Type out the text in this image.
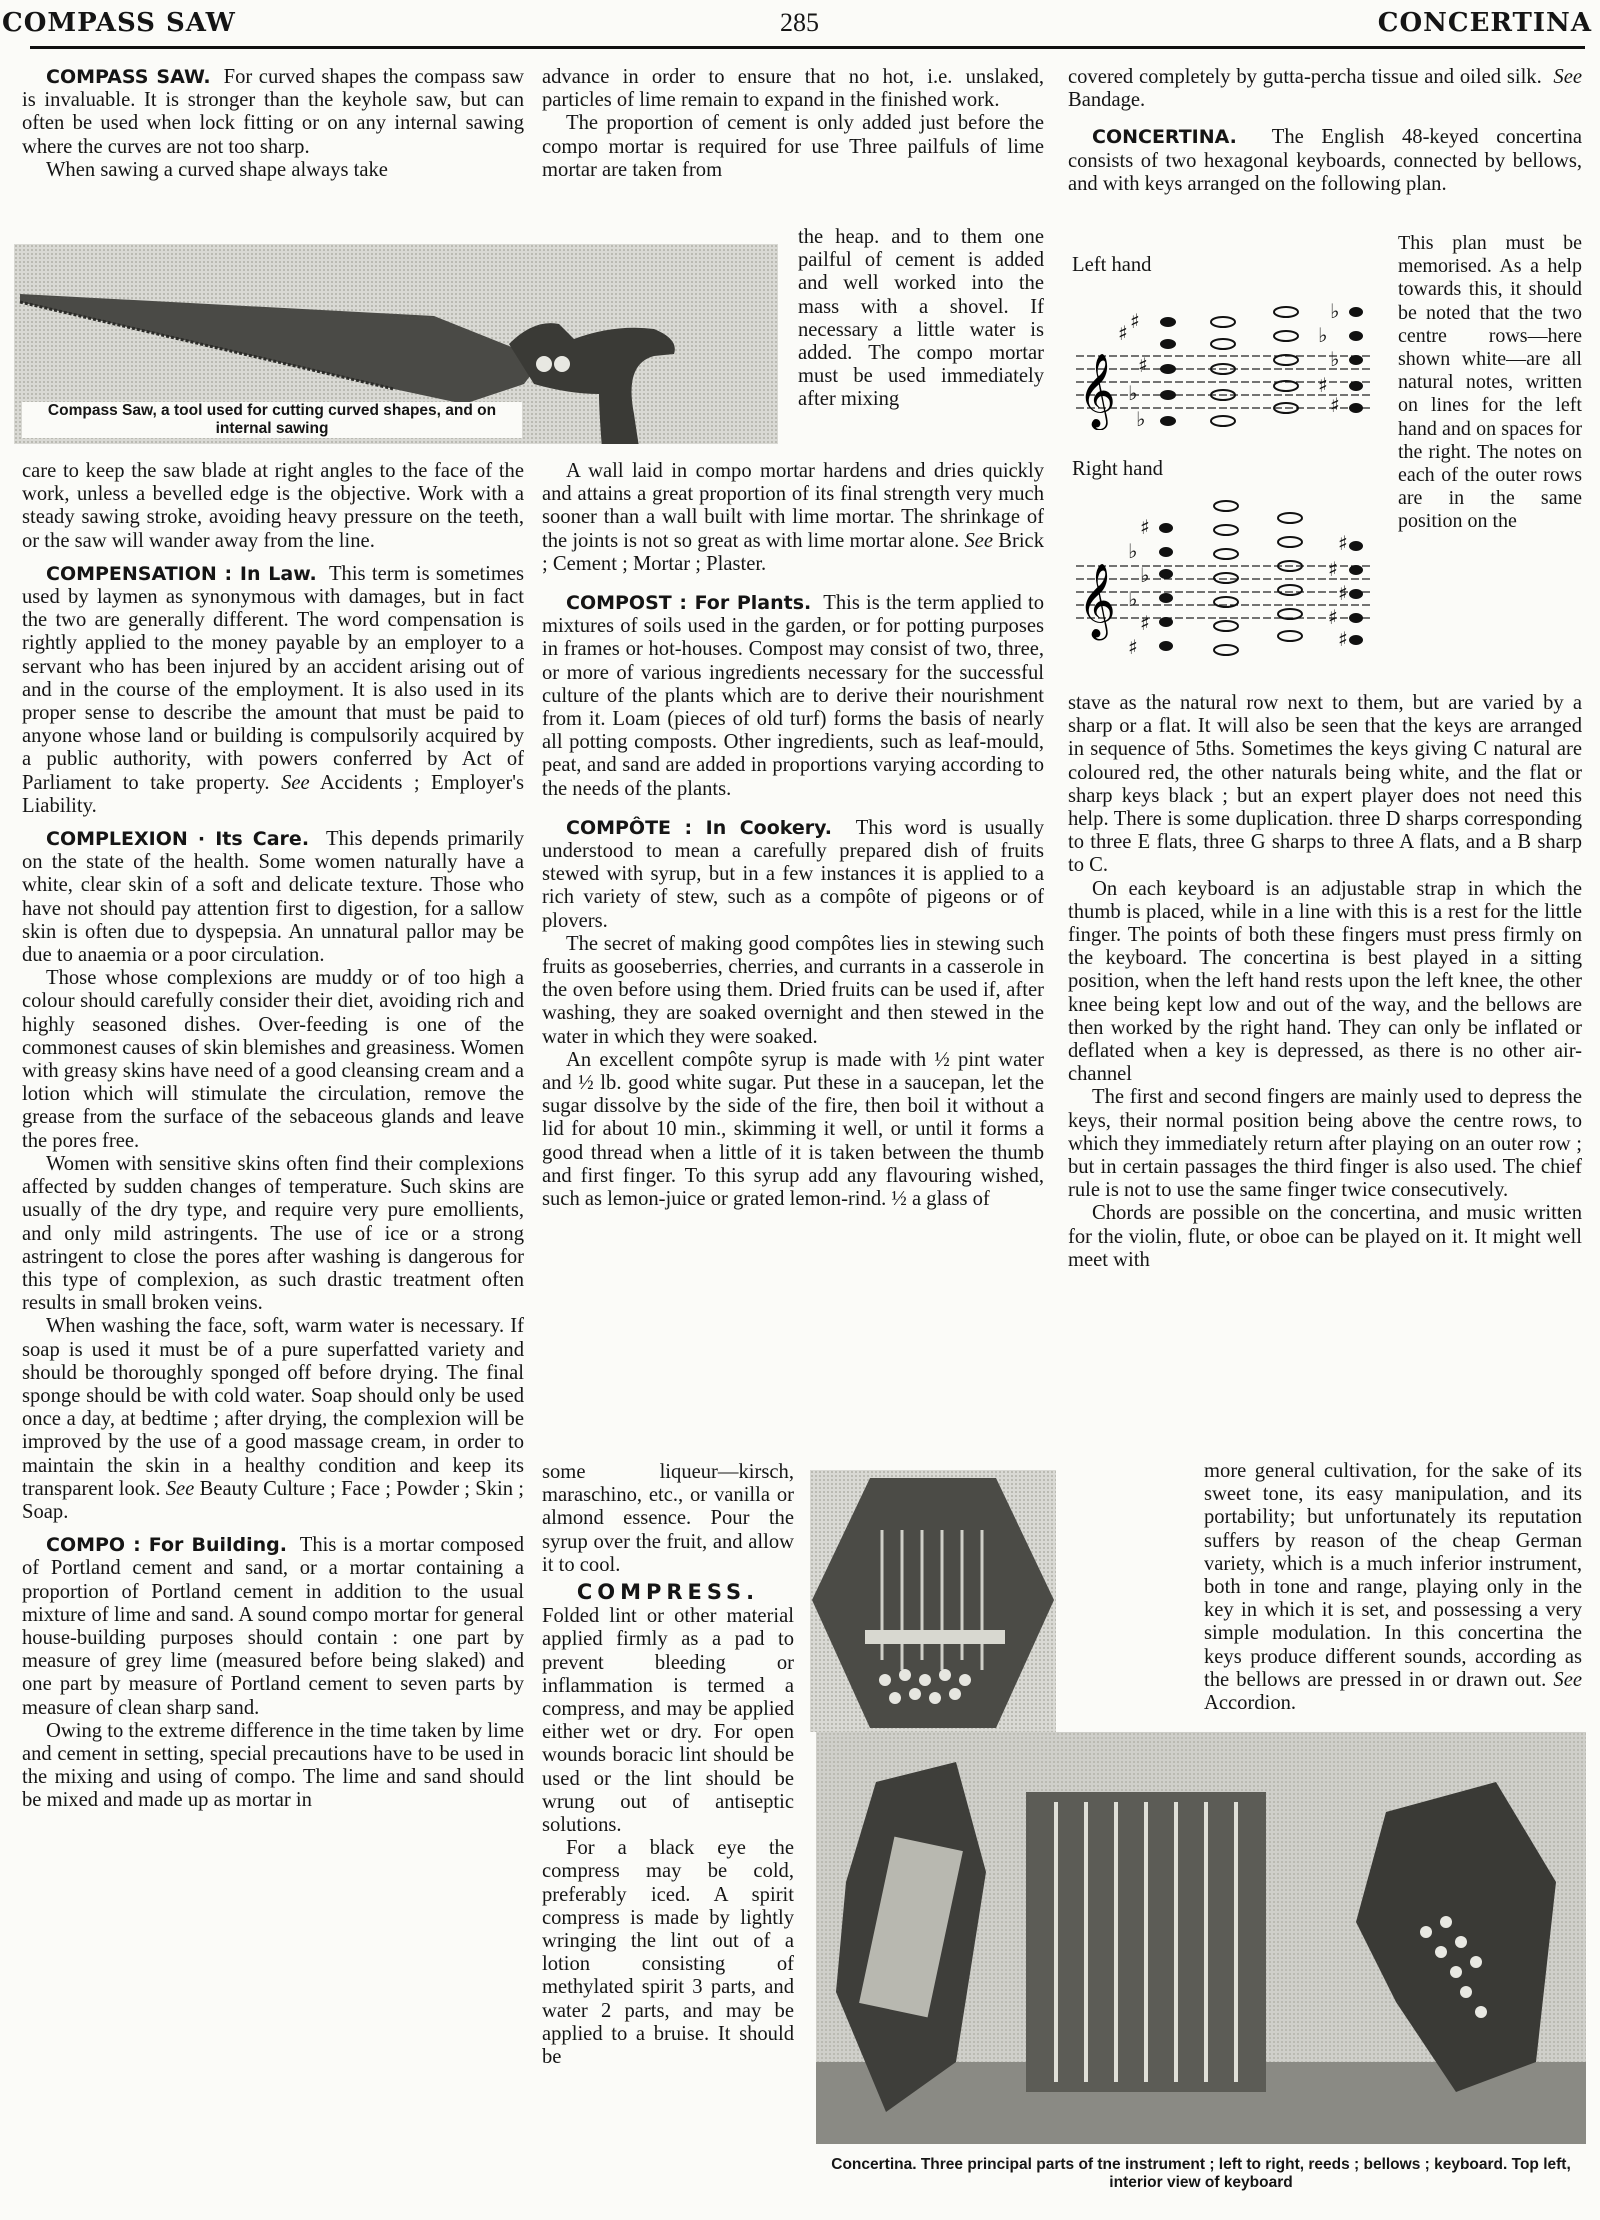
COMPASS SAW	285	CONCERTINA

COMPASS SAW. For curved shapes the compass saw is invaluable. It is stronger than the keyhole saw, but can often be used when lock fitting or on any internal sawing where the curves are not too sharp.

When sawing a curved shape always take

Compass Saw, a tool used for cutting curved shapes, and on internal sawing

care to keep the saw blade at right angles to the face of the work, unless a bevelled edge is the objective. Work with a steady sawing stroke, avoiding heavy pressure on the teeth, or the saw will wander away from the line.

COMPENSATION : In Law. This term is sometimes used by laymen as synonymous with damages, but in fact the two are generally different. The word compensation is rightly applied to the money payable by an employer to a servant who has been injured by an accident arising out of and in the course of the employment. It is also used in its proper sense to describe the amount that must be paid to anyone whose land or building is compulsorily acquired by a public authority, with powers conferred by Act of Parliament to take property. See Accidents ; Employer's Liability.

COMPLEXION · Its Care. This depends primarily on the state of the health. Some women naturally have a white, clear skin of a soft and delicate texture. Those who have not should pay attention first to digestion, for a sallow skin is often due to dyspepsia. An unnatural pallor may be due to anaemia or a poor circulation.

Those whose complexions are muddy or of too high a colour should carefully consider their diet, avoiding rich and highly seasoned dishes. Over-feeding is one of the commonest causes of skin blemishes and greasiness. Women with greasy skins have need of a good cleansing cream and a lotion which will stimulate the circulation, remove the grease from the surface of the sebaceous glands and leave the pores free.

Women with sensitive skins often find their complexions affected by sudden changes of temperature. Such skins are usually of the dry type, and require very pure emollients, and only mild astringents. The use of ice or a strong astringent to close the pores after washing is dangerous for this type of complexion, as such drastic treatment often results in small broken veins.

When washing the face, soft, warm water is necessary. If soap is used it must be of a pure superfatted variety and should be thoroughly sponged off before drying. The final sponge should be with cold water. Soap should only be used once a day, at bedtime ; after drying, the complexion will be improved by the use of a good massage cream, in order to maintain the skin in a healthy condition and keep its transparent look. See Beauty Culture ; Face ; Powder ; Skin ; Soap.

COMPO : For Building. This is a mortar composed of Portland cement and sand, or a mortar containing a proportion of Portland cement in addition to the usual mixture of lime and sand. A sound compo mortar for general house-building purposes should contain : one part by measure of grey lime (measured before being slaked) and one part by measure of Portland cement to seven parts by measure of clean sharp sand.

Owing to the extreme difference in the time taken by lime and cement in setting, special precautions have to be used in the mixing and using of compo. The lime and sand should be mixed and made up as mortar in

advance in order to ensure that no hot, i.e. unslaked, particles of lime remain to expand in the finished work.

The proportion of cement is only added just before the compo mortar is required for use Three pailfuls of lime mortar are taken from

the heap. and to them one pailful of cement is added and well worked into the mass with a shovel. If necessary a little water is added. The compo mortar must be used immediately after mixing

A wall laid in compo mortar hardens and dries quickly and attains a great proportion of its final strength very much sooner than a wall built with lime mortar. The shrinkage of the joints is not so great as with lime mortar alone. See Brick ; Cement ; Mortar ; Plaster.

COMPOST : For Plants. This is the term applied to mixtures of soils used in the garden, or for potting purposes in frames or hot-houses. Compost may consist of two, three, or more of various ingredients necessary for the successful culture of the plants which are to derive their nourishment from it. Loam (pieces of old turf) forms the basis of nearly all potting composts. Other ingredients, such as leaf-mould, peat, and sand are added in proportions varying according to the needs of the plants.

COMPÔTE : In Cookery. This word is usually understood to mean a carefully prepared dish of fruits stewed with syrup, but in a few instances it is applied to a rich variety of stew, such as a compôte of pigeons or of plovers.

The secret of making good compôtes lies in stewing such fruits as gooseberries, cherries, and currants in a casserole in the oven before using them. Dried fruits can be used if, after washing, they are soaked overnight and then stewed in the water in which they were soaked.

An excellent compôte syrup is made with ½ pint water and ½ lb. good white sugar. Put these in a saucepan, let the sugar dissolve by the side of the fire, then boil it without a lid for about 10 min., skimming it well, or until it forms a good thread when a little of it is taken between the thumb and first finger. To this syrup add any flavouring wished, such as lemon-juice or grated lemon-rind. ½ a glass of

some liqueur—kirsch, maraschino, etc., or vanilla or almond essence. Pour the syrup over the fruit, and allow it to cool.

COMPRESS.

Folded lint or other material applied firmly as a pad to prevent bleeding or inflammation is termed a compress, and may be applied either wet or dry. For open wounds boracic lint should be used or the lint should be wrung out of antiseptic solutions.

For a black eye the compress may be cold, preferably iced. A spirit compress is made by lightly wringing the lint out of a lotion consisting of methylated spirit 3 parts, and water 2 parts, and may be applied to a bruise. It should be

covered completely by gutta-percha tissue and oiled silk. See Bandage.

CONCERTINA. The English 48-keyed concertina consists of two hexagonal keyboards, connected by bellows, and with keys arranged on the following plan.

Left hand
Right hand
𝄞
♯
♯
♯
♭
♭
♭
♭
♭
♯
♯
𝄞
♯
♭
♭
♭
♯
♯
♯
♯
♯
♯
♯

This plan must be memorised. As a help towards this, it should be noted that the two centre rows—here shown white—are all natural notes, written on lines for the left hand and on spaces for the right. The notes on each of the outer rows are in the same position on the

stave as the natural row next to them, but are varied by a sharp or a flat. It will also be seen that the keys are arranged in sequence of 5ths. Sometimes the keys giving C natural are coloured red, the other naturals being white, and the flat or sharp keys black ; but an expert player does not need this help. There is some duplication. three D sharps corresponding to three E flats, three G sharps to three A flats, and a B sharp to C.

On each keyboard is an adjustable strap in which the thumb is placed, while in a line with this is a rest for the little finger. The points of both these fingers must press firmly on the keyboard. The concertina is best played in a sitting position, when the left hand rests upon the left knee, the other knee being kept low and out of the way, and the bellows are then worked by the right hand. They can only be inflated or deflated when a key is depressed, as there is no other air-channel

The first and second fingers are mainly used to depress the keys, their normal position being above the centre rows, to which they immediately return after playing on an outer row ; but in certain passages the third finger is also used. The chief rule is not to use the same finger twice consecutively.

Chords are possible on the concertina, and music written for the violin, flute, or oboe can be played on it. It might well meet with

more general cultivation, for the sake of its sweet tone, its easy manipulation, and its portability; but unfortunately its reputation suffers by reason of the cheap German variety, which is a much inferior instrument, both in tone and range, playing only in the key in which it is set, and possessing a very simple modulation. In this concertina the keys produce different sounds, according as the bellows are pressed in or drawn out. See Accordion.

Concertina. Three principal parts of tne instrument ; left to right, reeds ; bellows ; keyboard. Top left, interior view of keyboard
